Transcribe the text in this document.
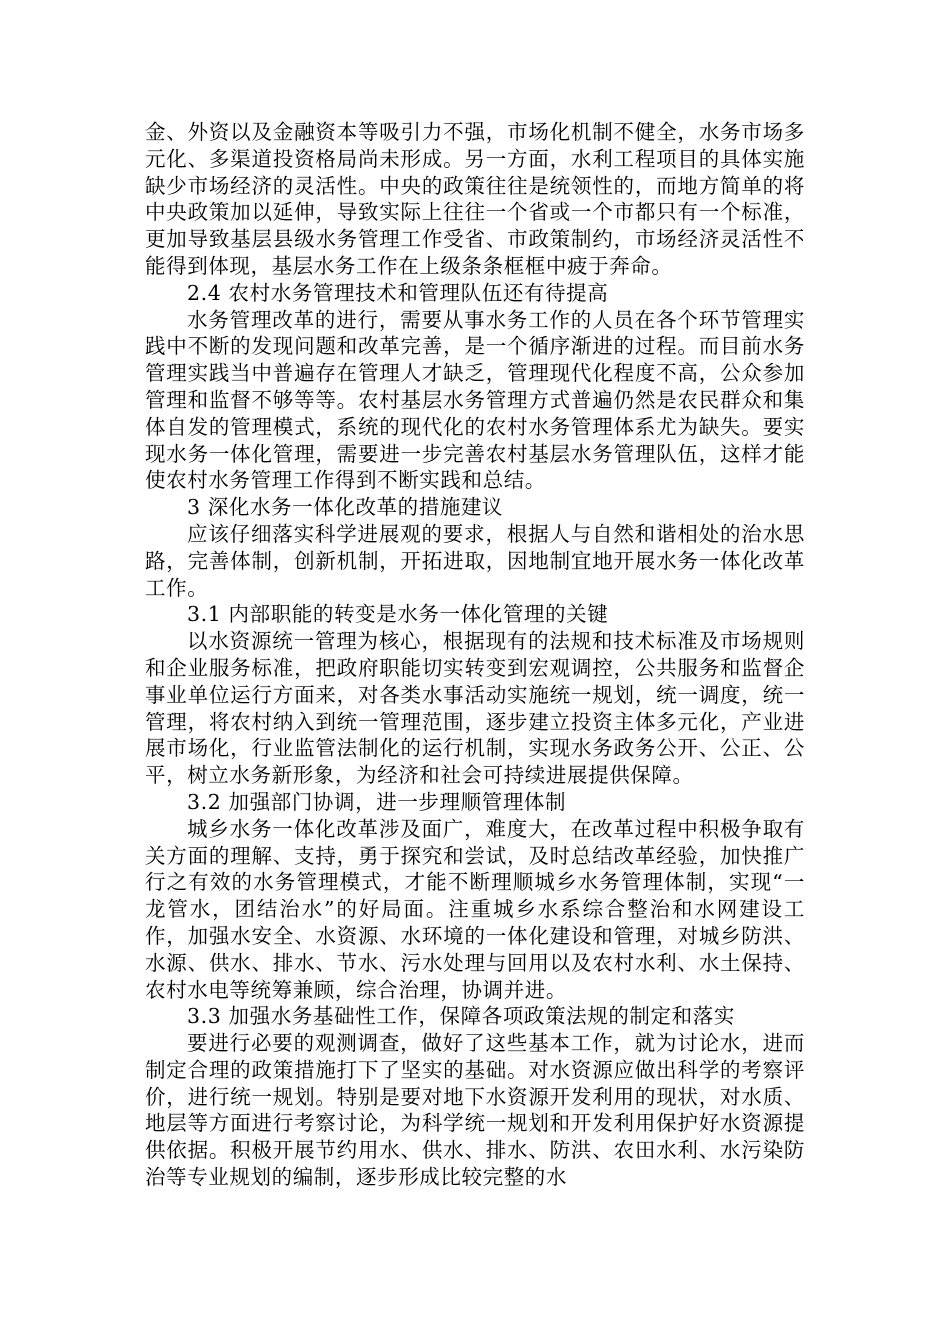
金、外资以及金融资本等吸引力不强，市场化机制不健全，水务市场多元化、多渠道投资格局尚未形成。另一方面，水利工程项目的具体实施缺少市场经济的灵活性。中央的政策往往是统领性的，而地方简单的将中央政策加以延伸，导致实际上往往一个省或一个市都只有一个标准，更加导致基层县级水务管理工作受省、市政策制约，市场经济灵活性不能得到体现，基层水务工作在上级条条框框中疲于奔命。

2.4 农村水务管理技术和管理队伍还有待提高

水务管理改革的进行，需要从事水务工作的人员在各个环节管理实践中不断的发现问题和改革完善，是一个循序渐进的过程。而目前水务管理实践当中普遍存在管理人才缺乏，管理现代化程度不高，公众参加管理和监督不够等等。农村基层水务管理方式普遍仍然是农民群众和集体自发的管理模式，系统的现代化的农村水务管理体系尤为缺失。要实现水务一体化管理，需要进一步完善农村基层水务管理队伍，这样才能使农村水务管理工作得到不断实践和总结。

3 深化水务一体化改革的措施建议

应该仔细落实科学进展观的要求，根据人与自然和谐相处的治水思路，完善体制，创新机制，开拓进取，因地制宜地开展水务一体化改革工作。

3.1 内部职能的转变是水务一体化管理的关键

以水资源统一管理为核心，根据现有的法规和技术标准及市场规则和企业服务标准，把政府职能切实转变到宏观调控，公共服务和监督企事业单位运行方面来，对各类水事活动实施统一规划，统一调度，统一管理，将农村纳入到统一管理范围，逐步建立投资主体多元化，产业进展市场化，行业监管法制化的运行机制，实现水务政务公开、公正、公平，树立水务新形象，为经济和社会可持续进展提供保障。

3.2 加强部门协调，进一步理顺管理体制

城乡水务一体化改革涉及面广，难度大，在改革过程中积极争取有关方面的理解、支持，勇于探究和尝试，及时总结改革经验，加快推广行之有效的水务管理模式，才能不断理顺城乡水务管理体制，实现“一龙管水，团结治水”的好局面。注重城乡水系综合整治和水网建设工作，加强水安全、水资源、水环境的一体化建设和管理，对城乡防洪、水源、供水、排水、节水、污水处理与回用以及农村水利、水土保持、农村水电等统筹兼顾，综合治理，协调并进。

3.3 加强水务基础性工作，保障各项政策法规的制定和落实

要进行必要的观测调查，做好了这些基本工作，就为讨论水，进而制定合理的政策措施打下了坚实的基础。对水资源应做出科学的考察评价，进行统一规划。特别是要对地下水资源开发利用的现状，对水质、地层等方面进行考察讨论，为科学统一规划和开发利用保护好水资源提供依据。积极开展节约用水、供水、排水、防洪、农田水利、水污染防治等专业规划的编制，逐步形成比较完整的水
